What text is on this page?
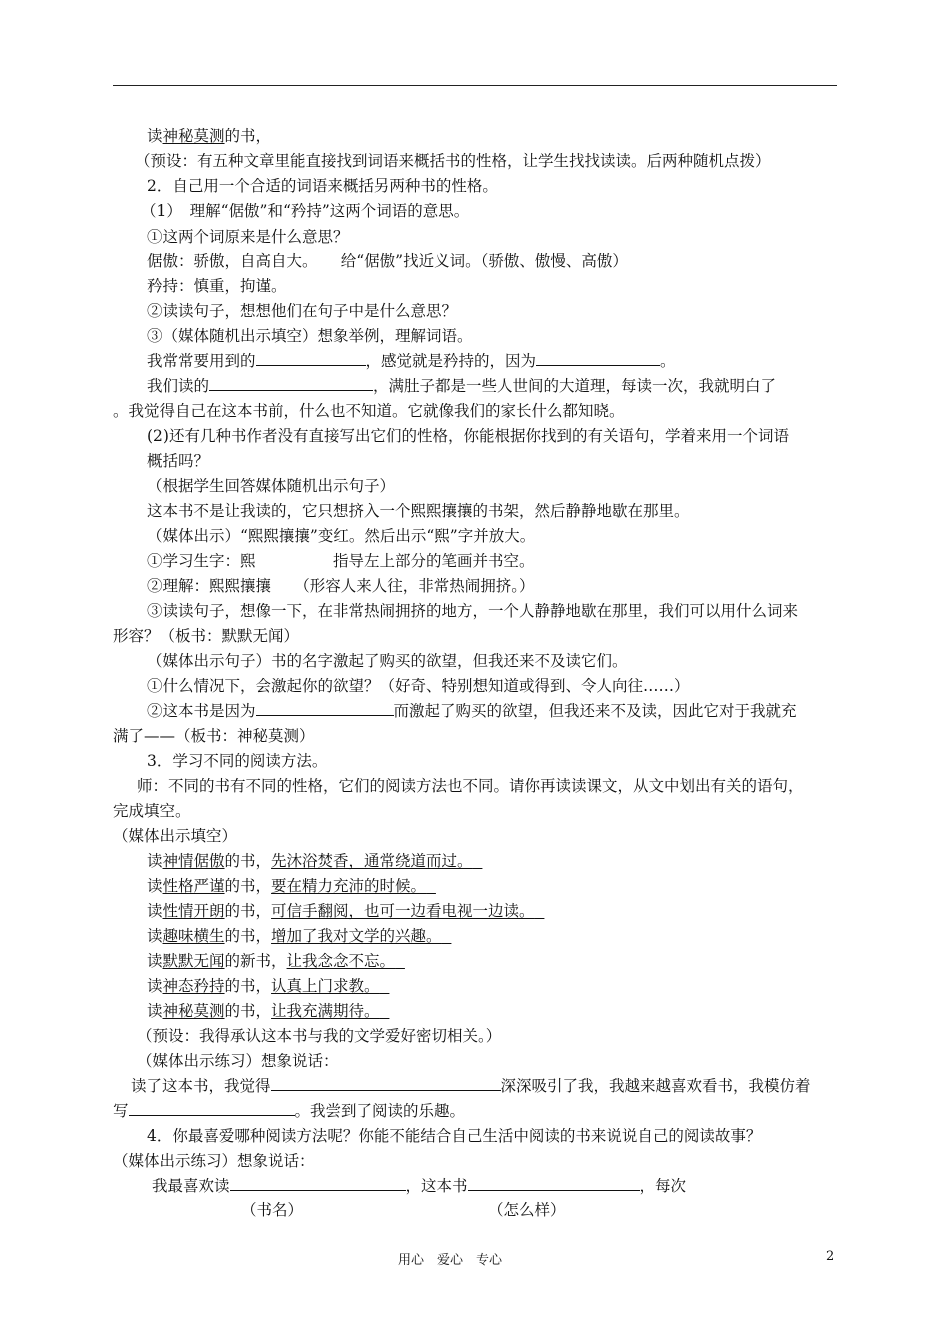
读神秘莫测的书，
（预设：有五种文章里能直接找到词语来概括书的性格，让学生找找读读。后两种随机点拨）
2．自己用一个合适的词语来概括另两种书的性格。
（1）　理解“倨傲”和“矜持”这两个词语的意思。
①这两个词原来是什么意思？
倨傲：骄傲，自高自大。　　给“倨傲”找近义词。（骄傲、傲慢、高傲）
矜持：慎重，拘谨。
②读读句子，想想他们在句子中是什么意思？
③（媒体随机出示填空）想象举例，理解词语。
我常常要用到的	，感觉就是矜持的，因为	。
我们读的	，满肚子都是一些人世间的大道理，每读一次，我就明白了
。我觉得自己在这本书前，什么也不知道。它就像我们的家长什么都知晓。
(2)还有几种书作者没有直接写出它们的性格，你能根据你找到的有关语句，学着来用一个词语
概括吗？
（根据学生回答媒体随机出示句子）
这本书不是让我读的，它只想挤入一个熙熙攘攘的书架，然后静静地歇在那里。
（媒体出示）“熙熙攘攘”变红。然后出示“熙”字并放大。
①学习生字：熙　　　　　指导左上部分的笔画并书空。
②理解：熙熙攘攘　　（形容人来人往，非常热闹拥挤。）
③读读句子，想像一下，在非常热闹拥挤的地方，一个人静静地歇在那里，我们可以用什么词来
形容？（板书：默默无闻）
（媒体出示句子）书的名字激起了购买的欲望，但我还来不及读它们。
①什么情况下，会激起你的欲望？（好奇、特别想知道或得到、令人向往……）
②这本书是因为	而激起了购买的欲望，但我还来不及读，因此它对于我就充
满了——（板书：神秘莫测）
3．学习不同的阅读方法。
师：不同的书有不同的性格，它们的阅读方法也不同。请你再读读课文，从文中划出有关的语句，
完成填空。
（媒体出示填空）
读神情倨傲的书，先沐浴焚香，通常绕道而过。
读性格严谨的书，要在精力充沛的时候。
读性情开朗的书，可信手翻阅，也可一边看电视一边读。
读趣味横生的书，增加了我对文学的兴趣。
读默默无闻的新书，让我念念不忘。
读神态矜持的书，认真上门求教。
读神秘莫测的书，让我充满期待。
（预设：我得承认这本书与我的文学爱好密切相关。）
（媒体出示练习）想象说话：
读了这本书，我觉得	深深吸引了我，我越来越喜欢看书，我模仿着
写	。我尝到了阅读的乐趣。
4．你最喜爱哪种阅读方法呢？你能不能结合自己生活中阅读的书来说说自己的阅读故事？
（媒体出示练习）想象说话：
我最喜欢读	，这本书	，每次
（书名）	（怎么样）
用心　爱心　专心	2
